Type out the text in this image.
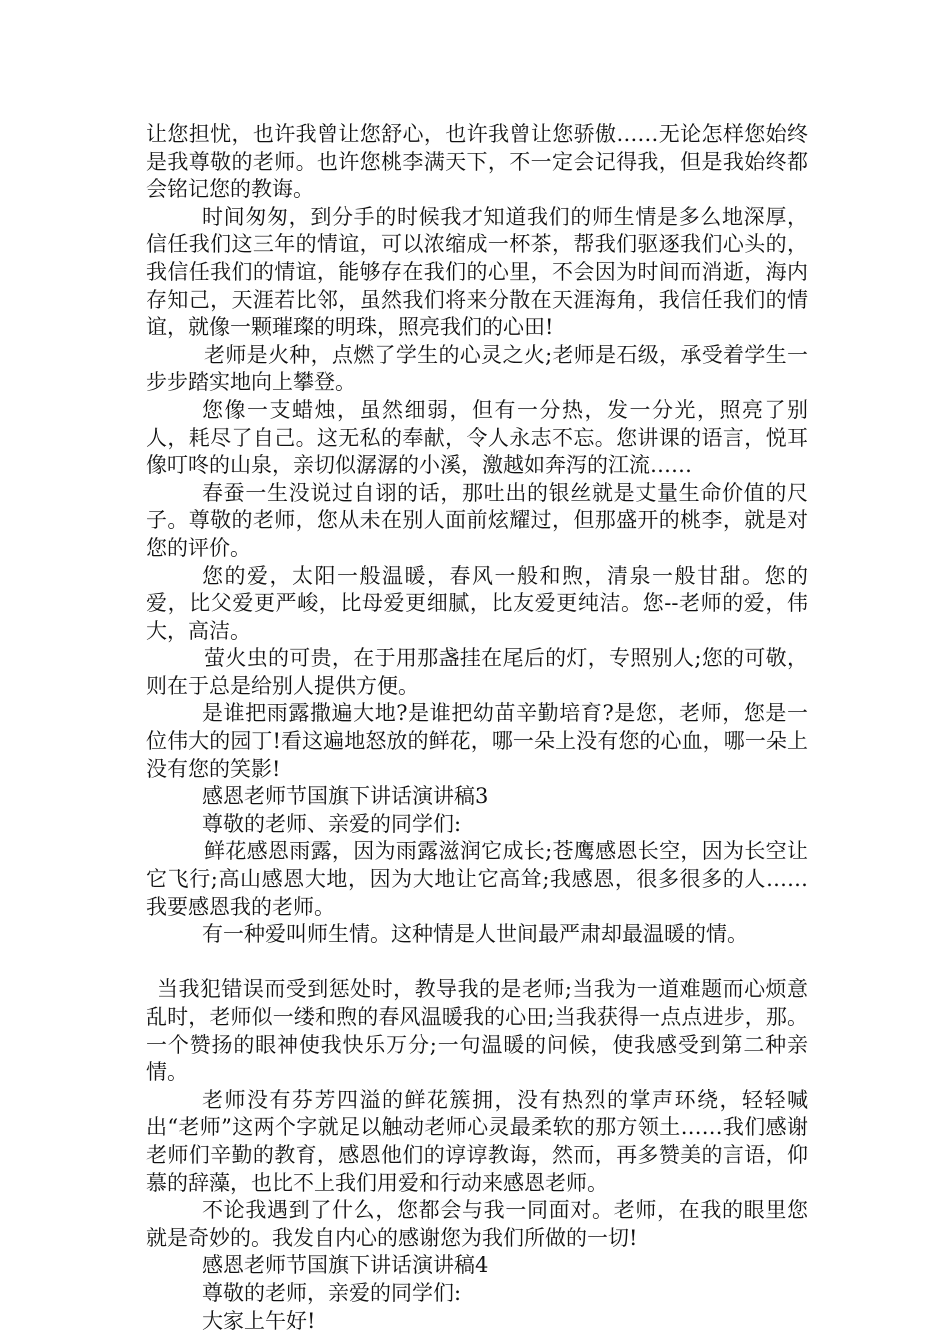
让您担忧，也许我曾让您舒心，也许我曾让您骄傲……无论怎样您始终是我尊敬的老师。也许您桃李满天下，不一定会记得我，但是我始终都会铭记您的教诲。

时间匆匆，到分手的时候我才知道我们的师生情是多么地深厚，信任我们这三年的情谊，可以浓缩成一杯茶，帮我们驱逐我们心头的，我信任我们的情谊，能够存在我们的心里，不会因为时间而消逝，海内存知己，天涯若比邻，虽然我们将来分散在天涯海角，我信任我们的情谊，就像一颗璀璨的明珠，照亮我们的心田!

老师是火种，点燃了学生的心灵之火;老师是石级，承受着学生一步步踏实地向上攀登。

您像一支蜡烛，虽然细弱，但有一分热，发一分光，照亮了别人，耗尽了自己。这无私的奉献，令人永志不忘。您讲课的语言，悦耳像叮咚的山泉，亲切似潺潺的小溪，激越如奔泻的江流……

春蚕一生没说过自诩的话，那吐出的银丝就是丈量生命价值的尺子。尊敬的老师，您从未在别人面前炫耀过，但那盛开的桃李，就是对您的评价。

您的爱，太阳一般温暖，春风一般和煦，清泉一般甘甜。您的爱，比父爱更严峻，比母爱更细腻，比友爱更纯洁。您--老师的爱，伟大，高洁。

萤火虫的可贵，在于用那盏挂在尾后的灯，专照别人;您的可敬，则在于总是给别人提供方便。

是谁把雨露撒遍大地?是谁把幼苗辛勤培育?是您，老师，您是一位伟大的园丁!看这遍地怒放的鲜花，哪一朵上没有您的心血，哪一朵上没有您的笑影!

感恩老师节国旗下讲话演讲稿3

尊敬的老师、亲爱的同学们:

鲜花感恩雨露，因为雨露滋润它成长;苍鹰感恩长空，因为长空让它飞行;高山感恩大地，因为大地让它高耸;我感恩，很多很多的人…… 我要感恩我的老师。

有一种爱叫师生情。这种情是人世间最严肃却最温暖的情。

当我犯错误而受到惩处时，教导我的是老师;当我为一道难题而心烦意乱时，老师似一缕和煦的春风温暖我的心田;当我获得一点点进步，那。一个赞扬的眼神使我快乐万分;一句温暖的问候，使我感受到第二种亲情。

老师没有芬芳四溢的鲜花簇拥，没有热烈的掌声环绕，轻轻喊出“老师”这两个字就足以触动老师心灵最柔软的那方领土……我们感谢老师们辛勤的教育，感恩他们的谆谆教诲，然而，再多赞美的言语，仰慕的辞藻，也比不上我们用爱和行动来感恩老师。

不论我遇到了什么，您都会与我一同面对。老师，在我的眼里您就是奇妙的。我发自内心的感谢您为我们所做的一切!

感恩老师节国旗下讲话演讲稿4

尊敬的老师，亲爱的同学们:

大家上午好!
